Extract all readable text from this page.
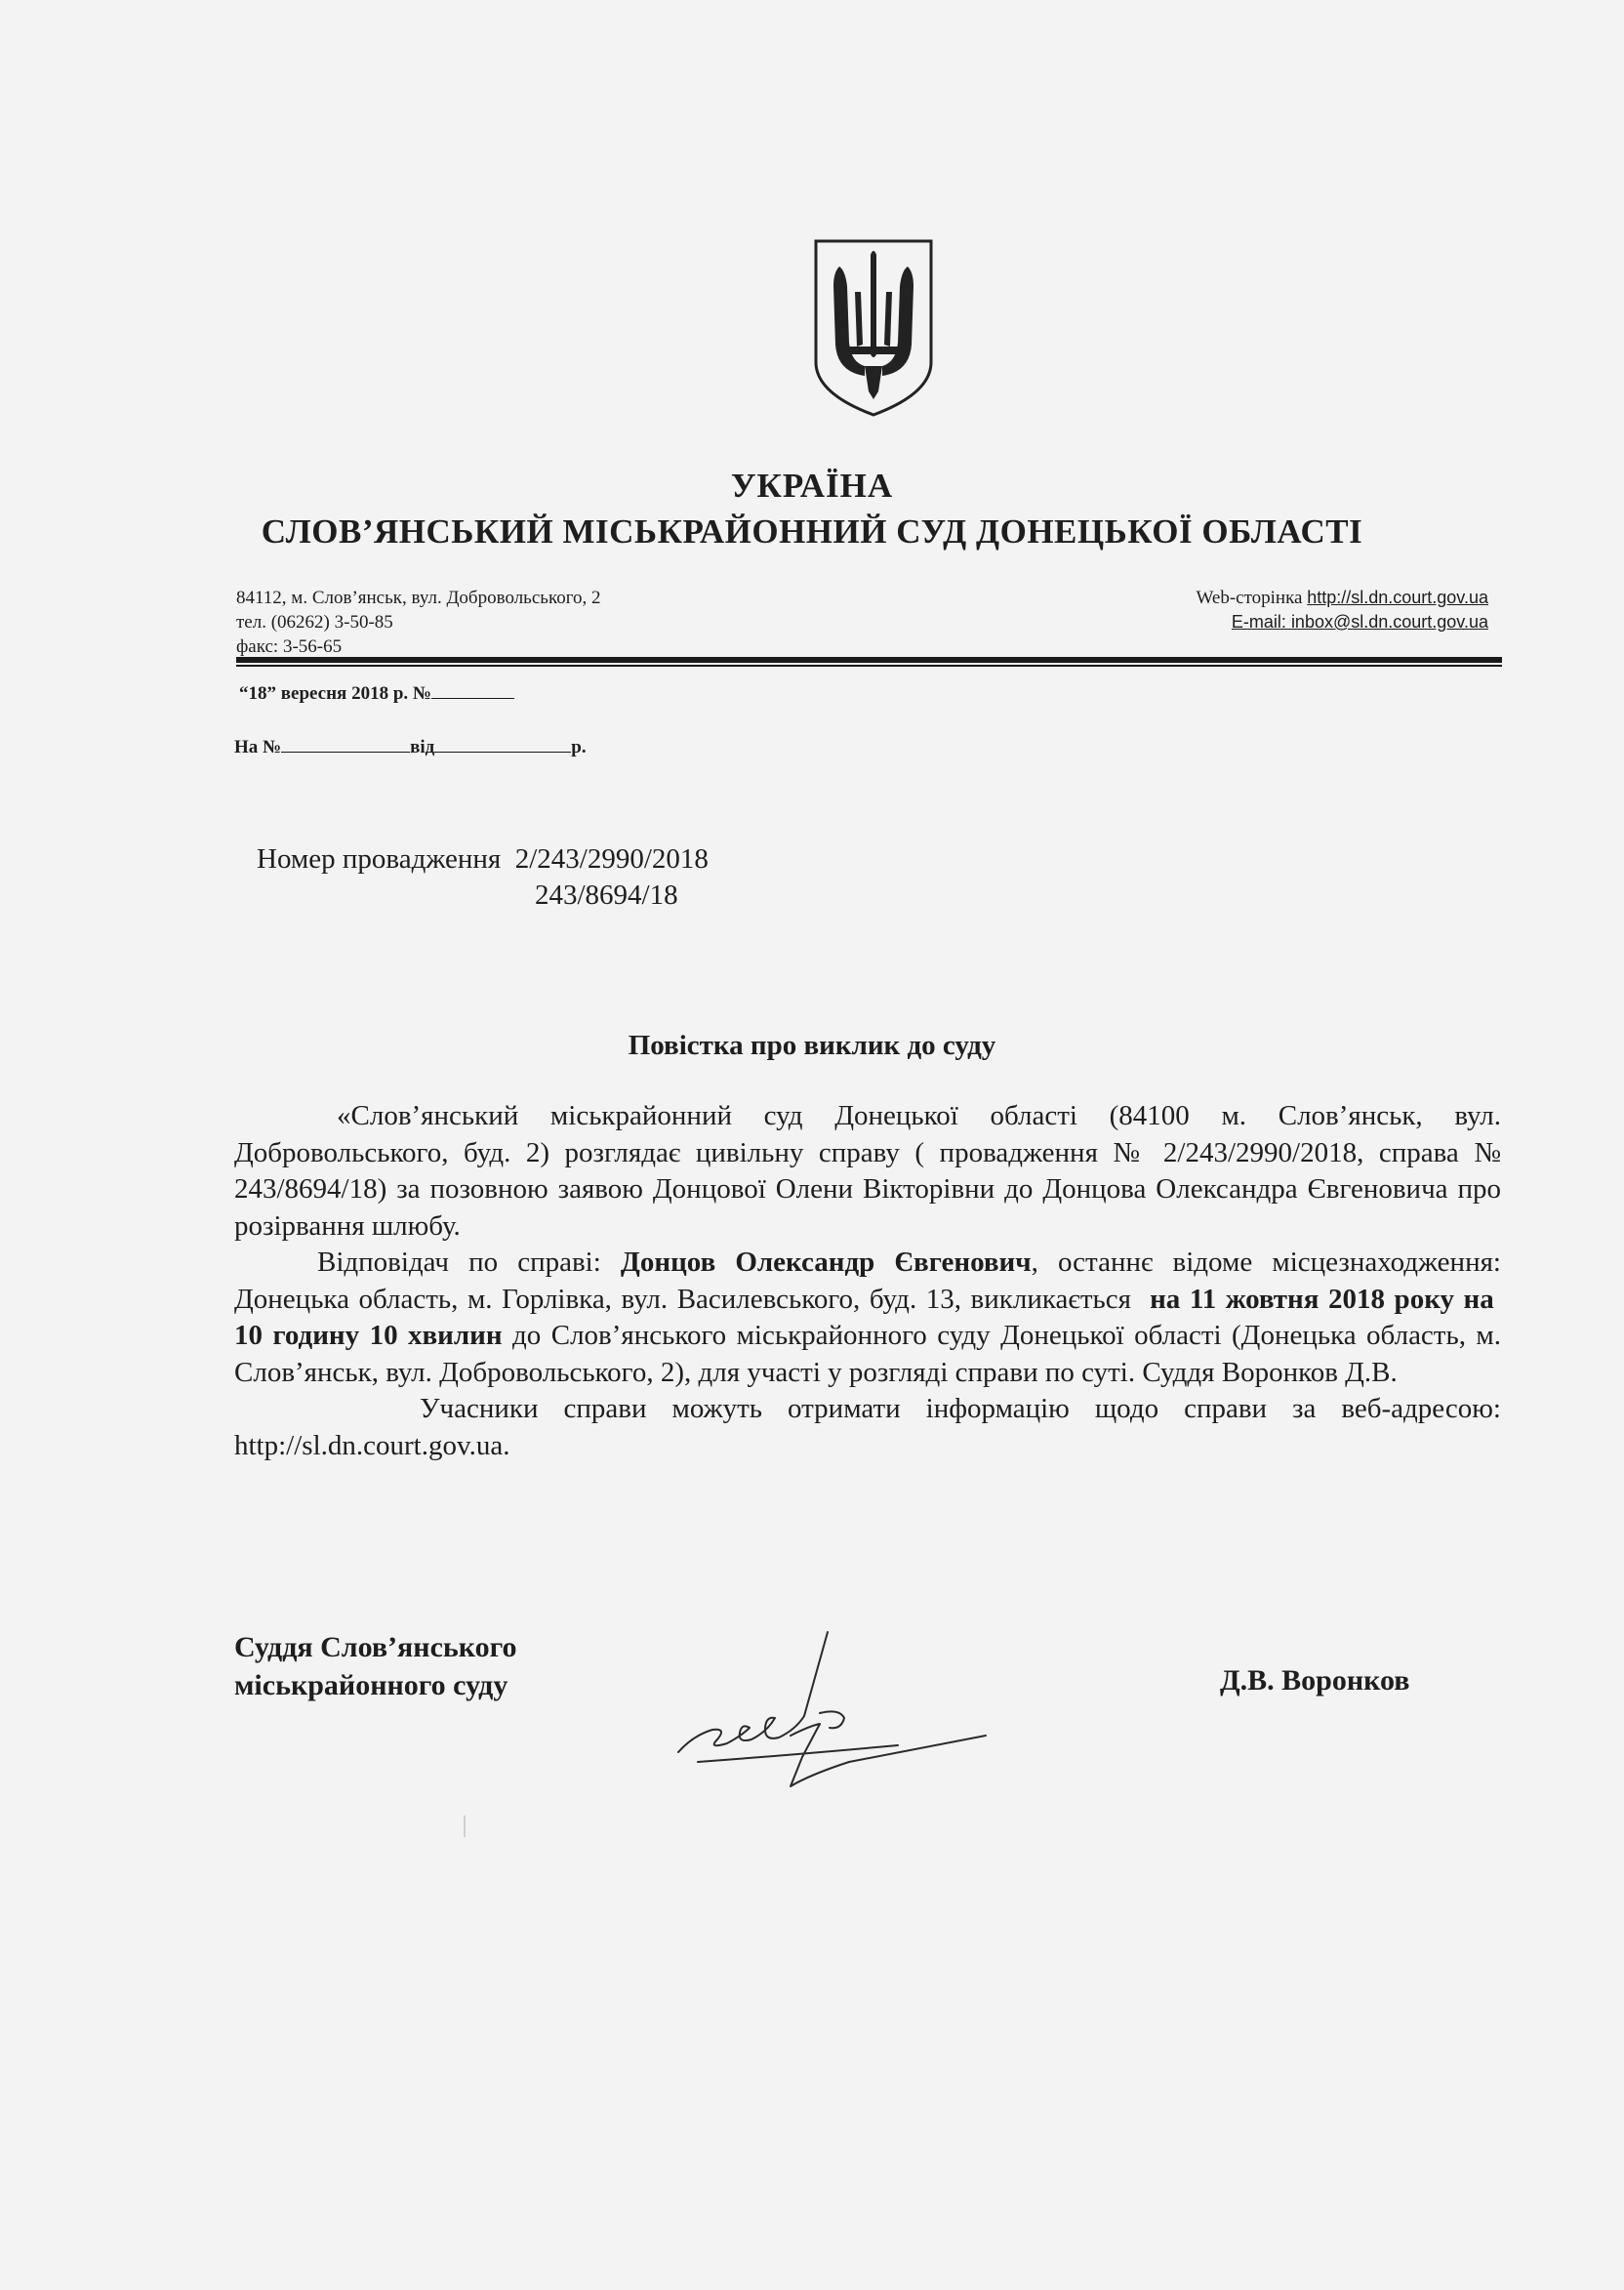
УКРАЇНА
СЛОВ’ЯНСЬКИЙ МІСЬКРАЙОННИЙ СУД ДОНЕЦЬКОЇ ОБЛАСТІ
84112, м. Слов’янськ, вул. Добровольського, 2
тел. (06262) 3-50-85
факс: 3-56-65
Web-сторінка http://sl.dn.court.gov.ua
E-mail: inbox@sl.dn.court.gov.ua
“18” вересня 2018 р. №
На №	від	р.
Номер провадження 2/243/2990/2018
243/8694/18
Повістка про виклик до суду

«Слов’янський міськрайонний суд Донецької області (84100 м. Слов’янськ, вул. Добровольського, буд. 2) розглядає цивільну справу ( провадження № 2/243/2990/2018, справа № 243/8694/18) за позовною заявою Донцової Олени Вікторівни до Донцова Олександра Євгеновича про розірвання шлюбу.

Відповідач по справі: Донцов Олександр Євгенович, останнє відоме місцезнаходження: Донецька область, м. Горлівка, вул. Василевського, буд. 13, викликається на 11 жовтня 2018 року на  10 годину 10 хвилин до Слов’янського міськрайонного суду Донецької області (Донецька область, м. Слов’янськ, вул. Добровольського, 2), для участі у розгляді справи по суті. Суддя Воронков Д.В.

Учасники справи можуть отримати інформацію щодо справи за веб-адресою: http://sl.dn.court.gov.ua.

Суддя Слов’янського
міськрайонного суду	Д.В. Воронков
